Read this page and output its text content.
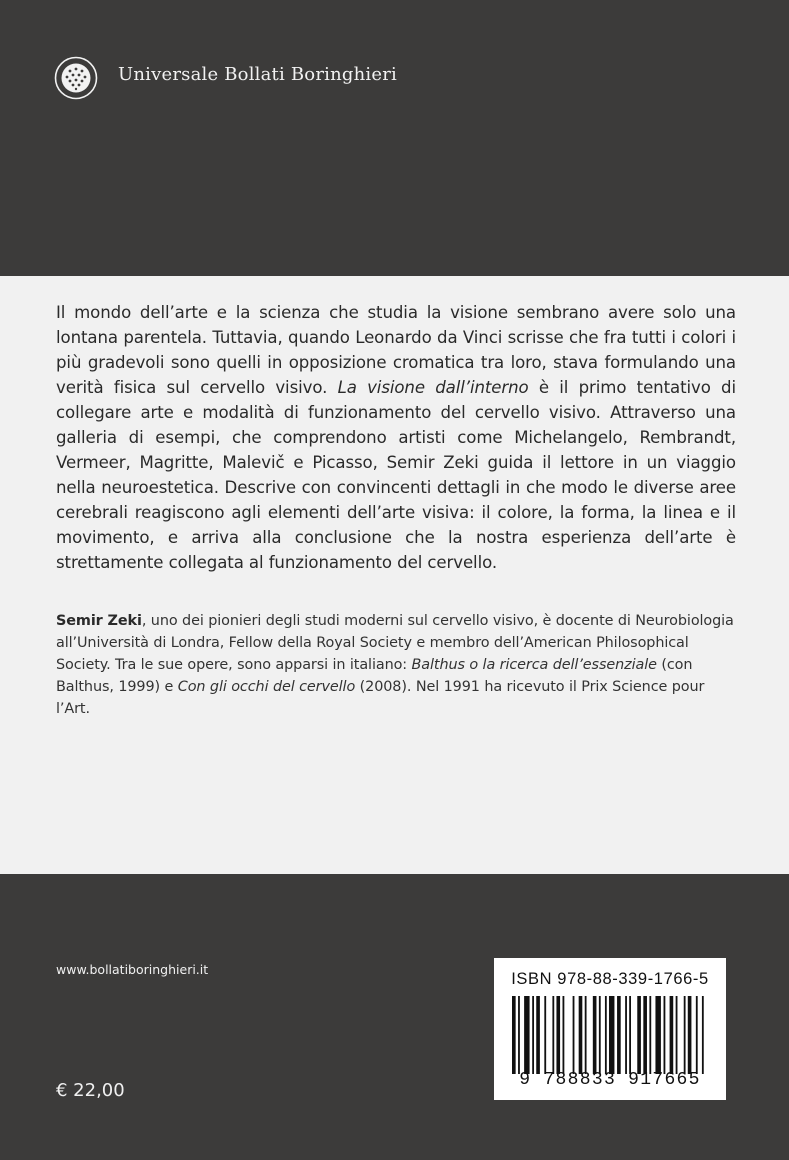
Universale Bollati Boringhieri

Il mondo dell’arte e la scienza che studia la visione sembrano avere solo una lontana parentela. Tuttavia, quando Leonardo da Vinci scrisse che fra tutti i colori i più gradevoli sono quelli in opposizione cromatica tra loro, stava formulando una verità fisica sul cervello visivo. La visione dall’interno è il primo tentativo di collegare arte e modalità di funzionamento del cervello visivo. Attraverso una galleria di esempi, che comprendono artisti come Michelangelo, Rembrandt, Vermeer, Magritte, Malevič e Picasso, Semir Zeki guida il lettore in un viaggio nella neuroestetica. Descrive con convincenti dettagli in che modo le diverse aree cerebrali reagiscono agli elementi dell’arte visiva: il colore, la forma, la linea e il movimento, e arriva alla conclusione che la nostra esperienza dell’arte è strettamente collegata al funzionamento del cervello.

Semir Zeki, uno dei pionieri degli studi moderni sul cervello visivo, è docente di Neurobiologia all’Università di Londra, Fellow della Royal Society e membro dell’American Philosophical Society. Tra le sue opere, sono apparsi in italiano: Balthus o la ricerca dell’essenziale (con Balthus, 1999) e Con gli occhi del cervello (2008). Nel 1991 ha ricevuto il Prix Science pour l’Art.

www.bollatiboringhieri.it
€ 22,00
ISBN 978-88-339-1766-5
9 788833 917665
